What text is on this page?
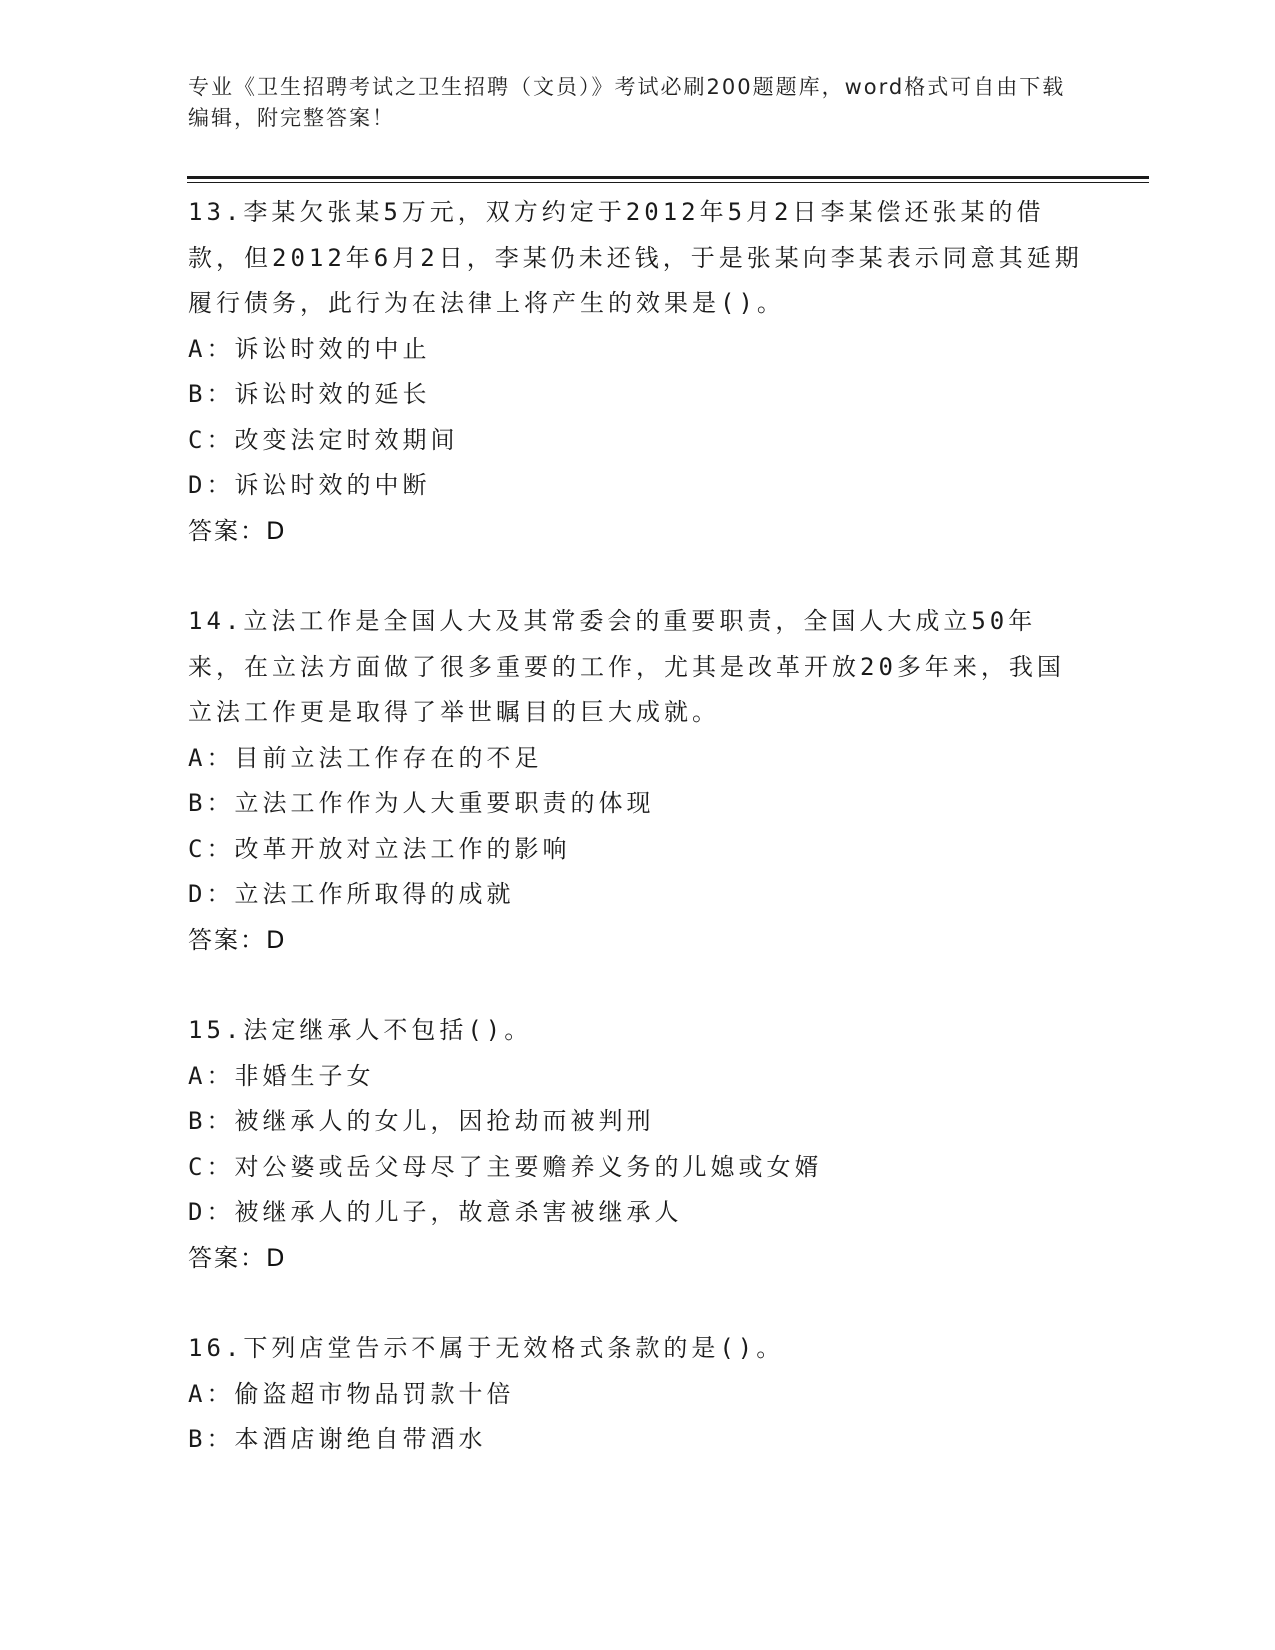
专业《卫生招聘考试之卫生招聘（文员）》考试必刷200题题库，word格式可自由下载编辑，附完整答案！
13.李某欠张某5万元，双方约定于2012年5月2日李某偿还张某的借款，但2012年6月2日，李某仍未还钱，于是张某向李某表示同意其延期履行债务，此行为在法律上将产生的效果是()。
A：诉讼时效的中止
B：诉讼时效的延长
C：改变法定时效期间
D：诉讼时效的中断
答案：D
14.立法工作是全国人大及其常委会的重要职责，全国人大成立50年来，在立法方面做了很多重要的工作，尤其是改革开放20多年来，我国立法工作更是取得了举世瞩目的巨大成就。
A：目前立法工作存在的不足
B：立法工作作为人大重要职责的体现
C：改革开放对立法工作的影响
D：立法工作所取得的成就
答案：D
15.法定继承人不包括()。
A：非婚生子女
B：被继承人的女儿，因抢劫而被判刑
C：对公婆或岳父母尽了主要赡养义务的儿媳或女婿
D：被继承人的儿子，故意杀害被继承人
答案：D
16.下列店堂告示不属于无效格式条款的是()。
A：偷盗超市物品罚款十倍
B：本酒店谢绝自带酒水
